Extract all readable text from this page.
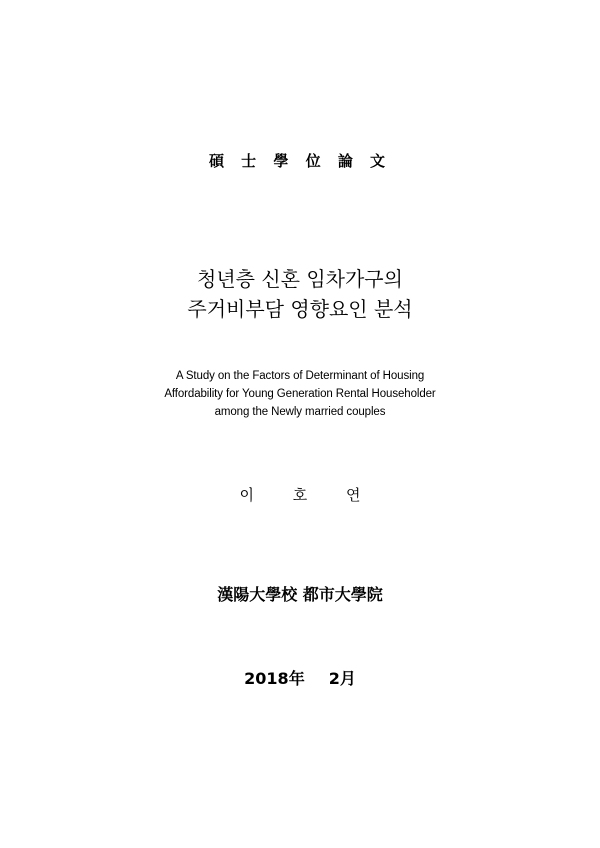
碩 士 學 位 論 文
청년층 신혼 임차가구의
주거비부담 영향요인 분석
A Study on the Factors of Determinant of Housing
Affordability for Young Generation Rental Householder
among the Newly married couples
이	호	연
漢陽大學校 都市大學院
2018年 2月
